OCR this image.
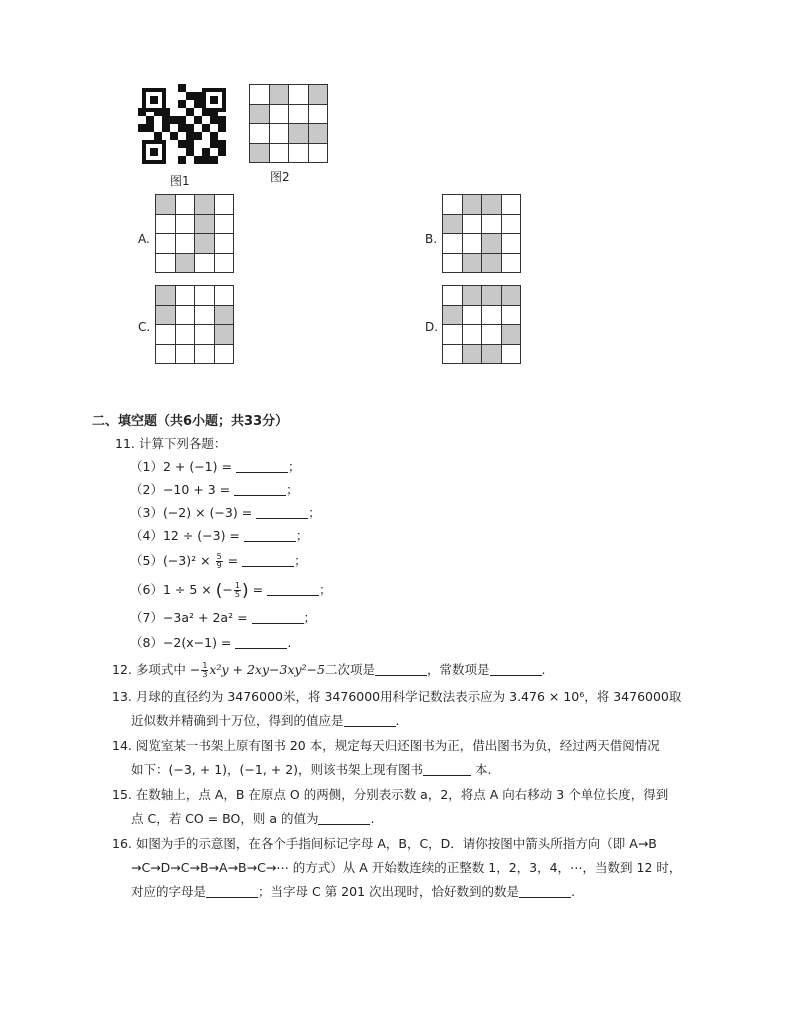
图1	图2
A.	B.
C.	D.
二、填空题（共6小题；共33分）
11. 计算下列各题：
（1）2 + (−1) =	；
（2）−10 + 3 =	；
（3）(−2) × (−3) =	；
（4）12 ÷ (−3) =	；
$(5)(-3)^2 \times \frac{5}{9}$ =	；
（6）1 ÷ 5 × (− $\frac{1}{5}$ ) =	；
（7）−3a² + 2a² =	；
（8）−2(x−1) =	.
12. 多项式中 − $\frac{1}{3} x^2y + 2xy-3xy^2-5$二次项是	，常数项是	.
13. 月球的直径约为 3476000米，将 3476000用科学记数法表示应为 3.476 × 10⁶，将 3476000取
近似数并精确到十万位，得到的值应是	.
14. 阅览室某一书架上原有图书 20 本，规定每天归还图书为正，借出图书为负，经过两天借阅情况
如下：(−3, + 1)，(−1, + 2)，则该书架上现有图书	本.
15. 在数轴上，点 A，B 在原点 O 的两侧，分别表示数 a，2，将点 A 向右移动 3 个单位长度，得到
点 C，若 CO = BO，则 a 的值为	.
16. 如图为手的示意图，在各个手指间标记字母 A，B，C，D．请你按图中箭头所指方向（即 A→B
→C→D→C→B→A→B→C→⋯ 的方式）从 A 开始数连续的正整数 1，2，3，4，⋯，当数到 12 时，
对应的字母是	；当字母 C 第 201 次出现时，恰好数到的数是	.
